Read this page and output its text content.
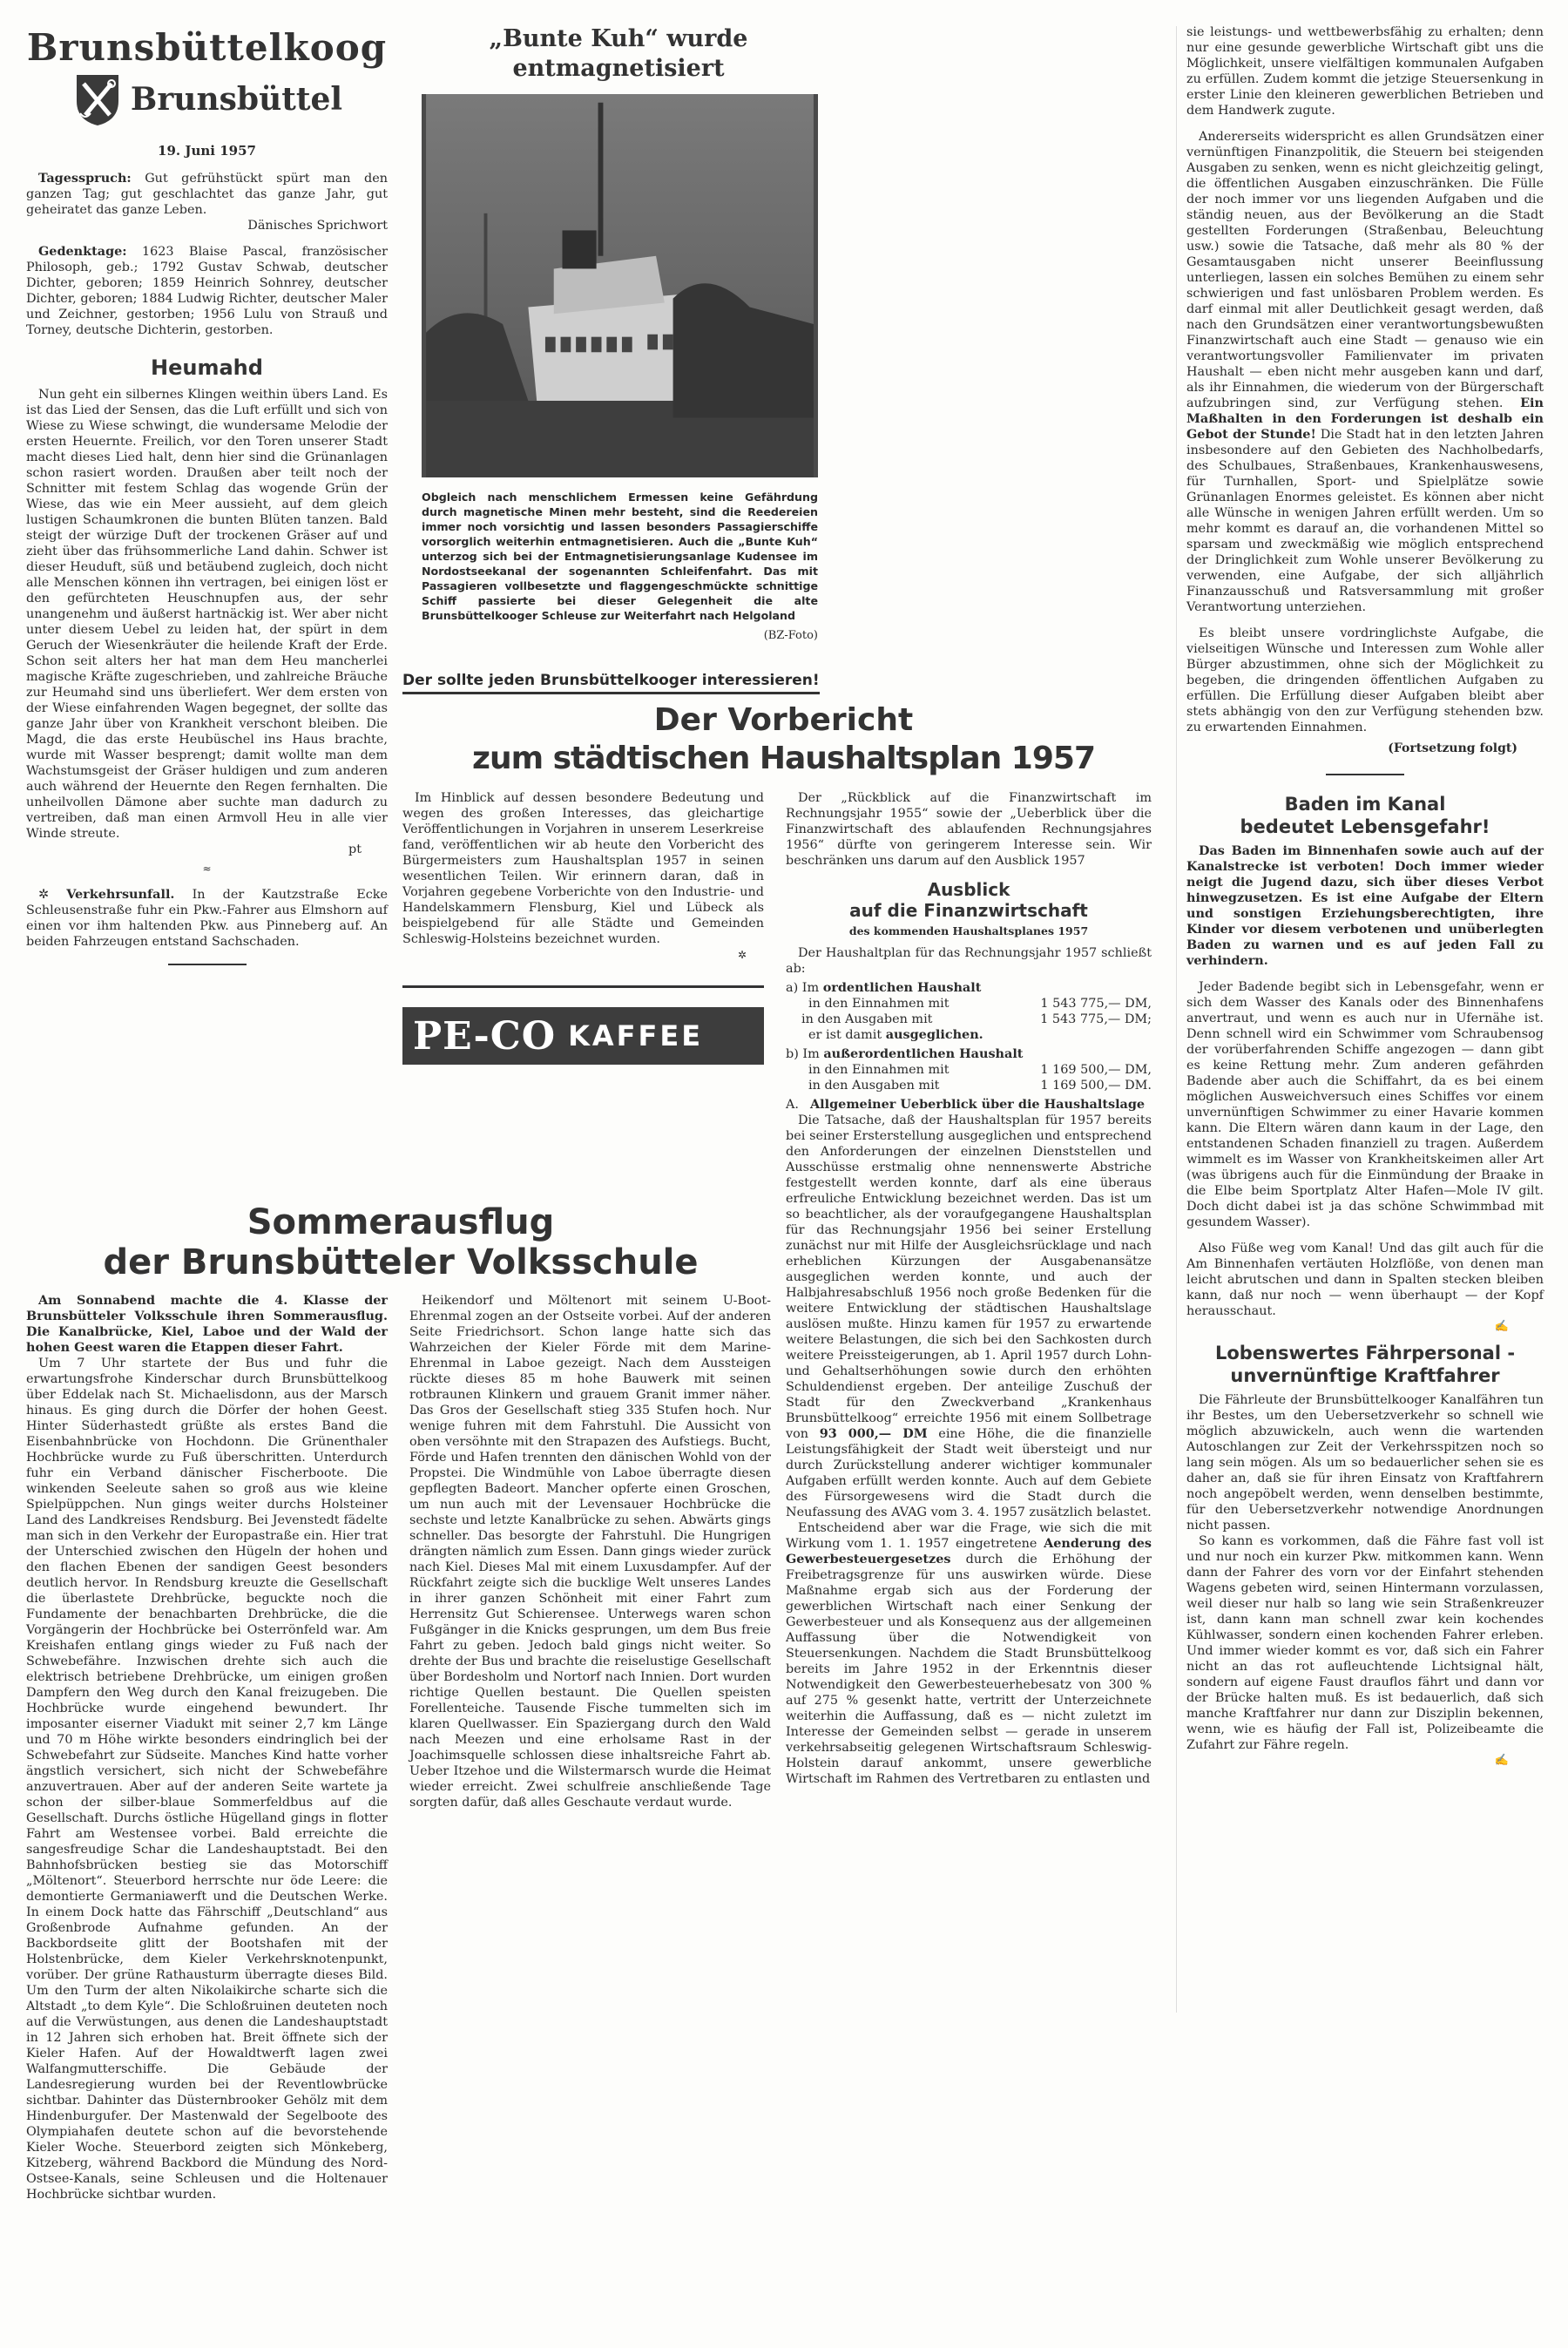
Brunsbüttelkoog
Brunsbüttel
19. Juni 1957

Tagesspruch: Gut gefrühstückt spürt man den ganzen Tag; gut geschlachtet das ganze Jahr, gut geheiratet das ganze Leben.

Dänisches Sprichwort

Gedenktage: 1623 Blaise Pascal, französischer Philosoph, geb.; 1792 Gustav Schwab, deutscher Dichter, geboren; 1859 Heinrich Sohnrey, deutscher Dichter, geboren; 1884 Ludwig Richter, deutscher Maler und Zeichner, gestorben; 1956 Lulu von Strauß und Torney, deutsche Dichterin, gestorben.

Heumahd

Nun geht ein silbernes Klingen weithin übers Land. Es ist das Lied der Sensen, das die Luft erfüllt und sich von Wiese zu Wiese schwingt, die wundersame Melodie der ersten Heuernte. Freilich, vor den Toren unserer Stadt macht dieses Lied halt, denn hier sind die Grünanlagen schon rasiert worden. Draußen aber teilt noch der Schnitter mit festem Schlag das wogende Grün der Wiese, das wie ein Meer aussieht, auf dem gleich lustigen Schaumkronen die bunten Blüten tanzen. Bald steigt der würzige Duft der trockenen Gräser auf und zieht über das frühsommerliche Land dahin. Schwer ist dieser Heuduft, süß und betäubend zugleich, doch nicht alle Menschen können ihn vertragen, bei einigen löst er den gefürchteten Heuschnupfen aus, der sehr unangenehm und äußerst hartnäckig ist. Wer aber nicht unter diesem Uebel zu leiden hat, der spürt in dem Geruch der Wiesenkräuter die heilende Kraft der Erde. Schon seit alters her hat man dem Heu mancherlei magische Kräfte zugeschrieben, und zahlreiche Bräuche zur Heumahd sind uns überliefert. Wer dem ersten von der Wiese einfahrenden Wagen begegnet, der sollte das ganze Jahr über von Krankheit verschont bleiben. Die Magd, die das erste Heubüschel ins Haus brachte, wurde mit Wasser besprengt; damit wollte man dem Wachstumsgeist der Gräser huldigen und zum anderen auch während der Heuernte den Regen fernhalten. Die unheilvollen Dämone aber suchte man dadurch zu vertreiben, daß man einen Armvoll Heu in alle vier Winde streute.

pt

≈

✲ Verkehrsunfall. In der Kautzstraße Ecke Schleusenstraße fuhr ein Pkw.-Fahrer aus Elmshorn auf einen vor ihm haltenden Pkw. aus Pinneberg auf. An beiden Fahrzeugen entstand Sachschaden.

„Bunte Kuh“ wurde entmagnetisiert

Obgleich nach menschlichem Ermessen keine Gefährdung durch magnetische Minen mehr besteht, sind die Reedereien immer noch vorsichtig und lassen besonders Passagierschiffe vorsorglich weiterhin entmagnetisieren. Auch die „Bunte Kuh“ unterzog sich bei der Entmagnetisierungsanlage Kudensee im Nordostseekanal der sogenannten Schleifenfahrt. Das mit Passagieren vollbesetzte und flaggengeschmückte schnittige Schiff passierte bei dieser Gelegenheit die alte Brunsbüttelkooger Schleuse zur Weiterfahrt nach Helgoland

(BZ-Foto)
Der sollte jeden Brunsbüttelkooger interessieren!
Der Vorbericht
zum städtischen Haushaltsplan 1957

Im Hinblick auf dessen besondere Bedeutung und wegen des großen Interesses, das gleichartige Veröffentlichungen in Vorjahren in unserem Leserkreise fand, veröffentlichen wir ab heute den Vorbericht des Bürgermeisters zum Haushaltsplan 1957 in seinen wesentlichen Teilen. Wir erinnern daran, daß in Vorjahren gegebene Vorberichte von den Industrie- und Handelskammern Flensburg, Kiel und Lübeck als beispielgebend für alle Städte und Gemeinden Schleswig-Holsteins bezeichnet wurden.

✲
PE-CO KAFFEE

Der „Rückblick auf die Finanzwirtschaft im Rechnungsjahr 1955“ sowie der „Ueberblick über die Finanzwirtschaft des ablaufenden Rechnungsjahres 1956“ dürfte von geringerem Interesse sein. Wir beschränken uns darum auf den Ausblick 1957

Ausblick
auf die Finanzwirtschaft
des kommenden Haushaltsplanes 1957

Der Haushaltplan für das Rechnungsjahr 1957 schließt ab:

a) Im
ordentlichen Haushalt
in den Einnahmen mit	1 543 775,— DM,
in den Ausgaben mit	1 543 775,— DM;
er ist damit
ausgeglichen.
b) Im
außerordentlichen Haushalt
in den Einnahmen mit	1 169 500,— DM,
in den Ausgaben mit	1 169 500,— DM.
A. Allgemeiner Ueberblick über die Haushaltslage

Die Tatsache, daß der Haushaltsplan für 1957 bereits bei seiner Ersterstellung ausgeglichen und entsprechend den Anforderungen der einzelnen Dienststellen und Ausschüsse erstmalig ohne nennenswerte Abstriche festgestellt werden konnte, darf als eine überaus erfreuliche Entwicklung bezeichnet werden. Das ist um so beachtlicher, als der voraufgegangene Haushaltsplan für das Rechnungsjahr 1956 bei seiner Erstellung zunächst nur mit Hilfe der Ausgleichsrücklage und nach erheblichen Kürzungen der Ausgabenansätze ausgeglichen werden konnte, und auch der Halbjahresabschluß 1956 noch große Bedenken für die weitere Entwicklung der städtischen Haushaltslage auslösen mußte. Hinzu kamen für 1957 zu erwartende weitere Belastungen, die sich bei den Sachkosten durch weitere Preissteigerungen, ab 1. April 1957 durch Lohn- und Gehaltserhöhungen sowie durch den erhöhten Schuldendienst ergeben. Der anteilige Zuschuß der Stadt für den Zweckverband „Krankenhaus Brunsbüttelkoog“ erreichte 1956 mit einem Sollbetrage von 93 000,— DM eine Höhe, die die finanzielle Leistungsfähigkeit der Stadt weit übersteigt und nur durch Zurückstellung anderer wichtiger kommunaler Aufgaben erfüllt werden konnte. Auch auf dem Gebiete des Fürsorgewesens wird die Stadt durch die Neufassung des AVAG vom 3. 4. 1957 zusätzlich belastet.

Entscheidend aber war die Frage, wie sich die mit Wirkung vom 1. 1. 1957 eingetretene Aenderung des Gewerbesteuergesetzes durch die Erhöhung der Freibetragsgrenze für uns auswirken würde. Diese Maßnahme ergab sich aus der Forderung der gewerblichen Wirtschaft nach einer Senkung der Gewerbesteuer und als Konsequenz aus der allgemeinen Auffassung über die Notwendigkeit von Steuersenkungen. Nachdem die Stadt Brunsbüttelkoog bereits im Jahre 1952 in der Erkenntnis dieser Notwendigkeit den Gewerbesteuerhebesatz von 300 % auf 275 % gesenkt hatte, vertritt der Unterzeichnete weiterhin die Auffassung, daß es — nicht zuletzt im Interesse der Gemeinden selbst — gerade in unserem verkehrsabseitig gelegenen Wirtschaftsraum Schleswig-Holstein darauf ankommt, unsere gewerbliche Wirtschaft im Rahmen des Vertretbaren zu entlasten und

Sommerausflug
der Brunsbütteler Volksschule

Am Sonnabend machte die 4. Klasse der Brunsbütteler Volksschule ihren Sommerausflug. Die Kanalbrücke, Kiel, Laboe und der Wald der hohen Geest waren die Etappen dieser Fahrt.

Um 7 Uhr startete der Bus und fuhr die erwartungsfrohe Kinderschar durch Brunsbüttelkoog über Eddelak nach St. Michaelisdonn, aus der Marsch hinaus. Es ging durch die Dörfer der hohen Geest. Hinter Süderhastedt grüßte als erstes Band die Eisenbahnbrücke von Hochdonn. Die Grünenthaler Hochbrücke wurde zu Fuß überschritten. Unterdurch fuhr ein Verband dänischer Fischerboote. Die winkenden Seeleute sahen so groß aus wie kleine Spielpüppchen. Nun gings weiter durchs Holsteiner Land des Landkreises Rendsburg. Bei Jevenstedt fädelte man sich in den Verkehr der Europastraße ein. Hier trat der Unterschied zwischen den Hügeln der hohen und den flachen Ebenen der sandigen Geest besonders deutlich hervor. In Rendsburg kreuzte die Gesellschaft die überlastete Drehbrücke, beguckte noch die Fundamente der benachbarten Drehbrücke, die die Vorgängerin der Hochbrücke bei Osterrönfeld war. Am Kreishafen entlang gings wieder zu Fuß nach der Schwebefähre. Inzwischen drehte sich auch die elektrisch betriebene Drehbrücke, um einigen großen Dampfern den Weg durch den Kanal freizugeben. Die Hochbrücke wurde eingehend bewundert. Ihr imposanter eiserner Viadukt mit seiner 2,7 km Länge und 70 m Höhe wirkte besonders eindringlich bei der Schwebefahrt zur Südseite. Manches Kind hatte vorher ängstlich versichert, sich nicht der Schwebefähre anzuvertrauen. Aber auf der anderen Seite wartete ja schon der silber-blaue Sommerfeldbus auf die Gesellschaft. Durchs östliche Hügelland gings in flotter Fahrt am Westensee vorbei. Bald erreichte die sangesfreudige Schar die Landeshauptstadt. Bei den Bahnhofsbrücken bestieg sie das Motorschiff „Möltenort“. Steuerbord herrschte nur öde Leere: die demontierte Germaniawerft und die Deutschen Werke. In einem Dock hatte das Fährschiff „Deutschland“ aus Großenbrode Aufnahme gefunden. An der Backbordseite glitt der Bootshafen mit der Holstenbrücke, dem Kieler Verkehrsknotenpunkt, vorüber. Der grüne Rathausturm überragte dieses Bild. Um den Turm der alten Nikolaikirche scharte sich die Altstadt „to dem Kyle“. Die Schloßruinen deuteten noch auf die Verwüstungen, aus denen die Landeshauptstadt in 12 Jahren sich erhoben hat. Breit öffnete sich der Kieler Hafen. Auf der Howaldtwerft lagen zwei Walfangmutterschiffe. Die Gebäude der Landesregierung wurden bei der Reventlowbrücke sichtbar. Dahinter das Düsternbrooker Gehölz mit dem Hindenburgufer. Der Mastenwald der Segelboote des Olympiahafen deutete schon auf die bevorstehende Kieler Woche. Steuerbord zeigten sich Mönkeberg, Kitzeberg, während Backbord die Mündung des Nord-Ostsee-Kanals, seine Schleusen und die Holtenauer Hochbrücke sichtbar wurden.

Heikendorf und Möltenort mit seinem U-Boot-Ehrenmal zogen an der Ostseite vorbei. Auf der anderen Seite Friedrichsort. Schon lange hatte sich das Wahrzeichen der Kieler Förde mit dem Marine-Ehrenmal in Laboe gezeigt. Nach dem Aussteigen rückte dieses 85 m hohe Bauwerk mit seinen rotbraunen Klinkern und grauem Granit immer näher. Das Gros der Gesellschaft stieg 335 Stufen hoch. Nur wenige fuhren mit dem Fahrstuhl. Die Aussicht von oben versöhnte mit den Strapazen des Aufstiegs. Bucht, Förde und Hafen trennten den dänischen Wohld von der Propstei. Die Windmühle von Laboe überragte diesen gepflegten Badeort. Mancher opferte einen Groschen, um nun auch mit der Levensauer Hochbrücke die sechste und letzte Kanalbrücke zu sehen. Abwärts gings schneller. Das besorgte der Fahrstuhl. Die Hungrigen drängten nämlich zum Essen. Dann gings wieder zurück nach Kiel. Dieses Mal mit einem Luxusdampfer. Auf der Rückfahrt zeigte sich die bucklige Welt unseres Landes in ihrer ganzen Schönheit mit einer Fahrt zum Herrensitz Gut Schierensee. Unterwegs waren schon Fußgänger in die Knicks gesprungen, um dem Bus freie Fahrt zu geben. Jedoch bald gings nicht weiter. So drehte der Bus und brachte die reiselustige Gesellschaft über Bordesholm und Nortorf nach Innien. Dort wurden richtige Quellen bestaunt. Die Quellen speisten Forellenteiche. Tausende Fische tummelten sich im klaren Quellwasser. Ein Spaziergang durch den Wald nach Meezen und eine erholsame Rast in der Joachimsquelle schlossen diese inhaltsreiche Fahrt ab. Ueber Itzehoe und die Wilstermarsch wurde die Heimat wieder erreicht. Zwei schulfreie anschließende Tage sorgten dafür, daß alles Geschaute verdaut wurde.

sie leistungs- und wettbewerbsfähig zu erhalten; denn nur eine gesunde gewerbliche Wirtschaft gibt uns die Möglichkeit, unsere vielfältigen kommunalen Aufgaben zu erfüllen. Zudem kommt die jetzige Steuersenkung in erster Linie den kleineren gewerblichen Betrieben und dem Handwerk zugute.

Andererseits widerspricht es allen Grundsätzen einer vernünftigen Finanzpolitik, die Steuern bei steigenden Ausgaben zu senken, wenn es nicht gleichzeitig gelingt, die öffentlichen Ausgaben einzuschränken. Die Fülle der noch immer vor uns liegenden Aufgaben und die ständig neuen, aus der Bevölkerung an die Stadt gestellten Forderungen (Straßenbau, Beleuchtung usw.) sowie die Tatsache, daß mehr als 80 % der Gesamtausgaben nicht unserer Beeinflussung unterliegen, lassen ein solches Bemühen zu einem sehr schwierigen und fast unlösbaren Problem werden. Es darf einmal mit aller Deutlichkeit gesagt werden, daß nach den Grundsätzen einer verantwortungsbewußten Finanzwirtschaft auch eine Stadt — genauso wie ein verantwortungsvoller Familienvater im privaten Haushalt — eben nicht mehr ausgeben kann und darf, als ihr Einnahmen, die wiederum von der Bürgerschaft aufzubringen sind, zur Verfügung stehen. Ein Maßhalten in den Forderungen ist deshalb ein Gebot der Stunde! Die Stadt hat in den letzten Jahren insbesondere auf den Gebieten des Nachholbedarfs, des Schulbaues, Straßenbaues, Krankenhauswesens, für Turnhallen, Sport- und Spielplätze sowie Grünanlagen Enormes geleistet. Es können aber nicht alle Wünsche in wenigen Jahren erfüllt werden. Um so mehr kommt es darauf an, die vorhandenen Mittel so sparsam und zweckmäßig wie möglich entsprechend der Dringlichkeit zum Wohle unserer Bevölkerung zu verwenden, eine Aufgabe, der sich alljährlich Finanzausschuß und Ratsversammlung mit großer Verantwortung unterziehen.

Es bleibt unsere vordringlichste Aufgabe, die vielseitigen Wünsche und Interessen zum Wohle aller Bürger abzustimmen, ohne sich der Möglichkeit zu begeben, die dringenden öffentlichen Aufgaben zu erfüllen. Die Erfüllung dieser Aufgaben bleibt aber stets abhängig von den zur Verfügung stehenden bzw. zu erwartenden Einnahmen.

(Fortsetzung folgt)
Baden im Kanal
bedeutet Lebensgefahr!

Das Baden im Binnenhafen sowie auch auf der Kanalstrecke ist verboten! Doch immer wieder neigt die Jugend dazu, sich über dieses Verbot hinwegzusetzen. Es ist eine Aufgabe der Eltern und sonstigen Erziehungsberechtigten, ihre Kinder vor diesem verbotenen und unüberlegten Baden zu warnen und es auf jeden Fall zu verhindern.

Jeder Badende begibt sich in Lebensgefahr, wenn er sich dem Wasser des Kanals oder des Binnenhafens anvertraut, und wenn es auch nur in Ufernähe ist. Denn schnell wird ein Schwimmer vom Schraubensog der vorüberfahrenden Schiffe angezogen — dann gibt es keine Rettung mehr. Zum anderen gefährden Badende aber auch die Schiffahrt, da es bei einem möglichen Ausweichversuch eines Schiffes vor einem unvernünftigen Schwimmer zu einer Havarie kommen kann. Die Eltern wären dann kaum in der Lage, den entstandenen Schaden finanziell zu tragen. Außerdem wimmelt es im Wasser von Krankheitskeimen aller Art (was übrigens auch für die Einmündung der Braake in die Elbe beim Sportplatz Alter Hafen—Mole IV gilt. Doch dicht dabei ist ja das schöne Schwimmbad mit gesundem Wasser).

Also Füße weg vom Kanal! Und das gilt auch für die Am Binnenhafen vertäuten Holzflöße, von denen man leicht abrutschen und dann in Spalten stecken bleiben kann, daß nur noch — wenn überhaupt — der Kopf herausschaut.

✍
Lobenswertes Fährpersonal -
unvernünftige Kraftfahrer

Die Fährleute der Brunsbüttelkooger Kanalfähren tun ihr Bestes, um den Uebersetzverkehr so schnell wie möglich abzuwickeln, auch wenn die wartenden Autoschlangen zur Zeit der Verkehrsspitzen noch so lang sein mögen. Als um so bedauerlicher sehen sie es daher an, daß sie für ihren Einsatz von Kraftfahrern noch angepöbelt werden, wenn denselben bestimmte, für den Uebersetzverkehr notwendige Anordnungen nicht passen.

So kann es vorkommen, daß die Fähre fast voll ist und nur noch ein kurzer Pkw. mitkommen kann. Wenn dann der Fahrer des vorn vor der Einfahrt stehenden Wagens gebeten wird, seinen Hintermann vorzulassen, weil dieser nur halb so lang wie sein Straßenkreuzer ist, dann kann man schnell zwar kein kochendes Kühlwasser, sondern einen kochenden Fahrer erleben. Und immer wieder kommt es vor, daß sich ein Fahrer nicht an das rot aufleuchtende Lichtsignal hält, sondern auf eigene Faust drauflos fährt und dann vor der Brücke halten muß. Es ist bedauerlich, daß sich manche Kraftfahrer nur dann zur Disziplin bekennen, wenn, wie es häufig der Fall ist, Polizeibeamte die Zufahrt zur Fähre regeln.

✍
